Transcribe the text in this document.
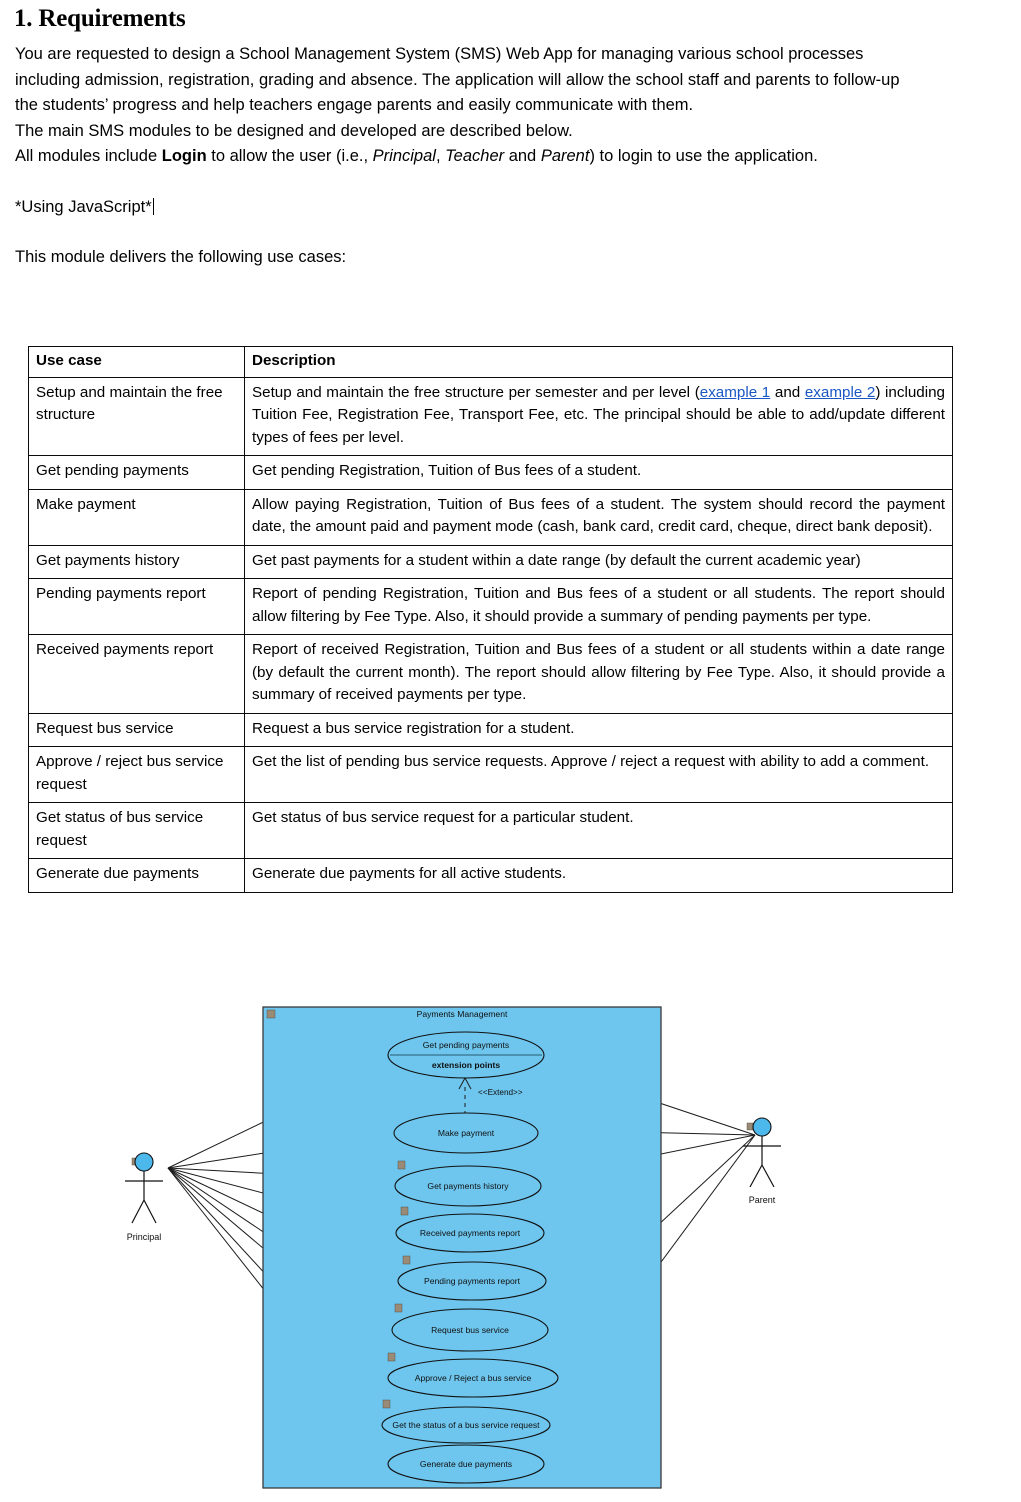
1. Requirements

You are requested to design a School Management System (SMS) Web App for managing various school processes including admission, registration, grading and absence. The application will allow the school staff and parents to follow-up the students’ progress and help teachers engage parents and easily communicate with them.

The main SMS modules to be designed and developed are described below.

All modules include Login to allow the user (i.e., Principal, Teacher and Parent) to login to use the application.

*Using JavaScript*

This module delivers the following use cases:

Use case	Description
Setup and maintain the free structure	Setup and maintain the free structure per semester and per level (example 1 and example 2) including Tuition Fee, Registration Fee, Transport Fee, etc. The principal should be able to add/update different types of fees per level.
Get pending payments	Get pending Registration, Tuition of Bus fees of a student.
Make payment	Allow paying Registration, Tuition of Bus fees of a student. The system should record the payment date, the amount paid and payment mode (cash, bank card, credit card, cheque, direct bank deposit).
Get payments history	Get past payments for a student within a date range (by default the current academic year)
Pending payments report	Report of pending Registration, Tuition and Bus fees of a student or all students. The report should allow filtering by Fee Type. Also, it should provide a summary of pending payments per type.
Received payments report	Report of received Registration, Tuition and Bus fees of a student or all students within a date range (by default the current month). The report should allow filtering by Fee Type. Also, it should provide a summary of received payments per type.
Request bus service	Request a bus service registration for a student.
Approve / reject bus service request	Get the list of pending bus service requests. Approve / reject a request with ability to add a comment.
Get status of bus service request	Get status of bus service request for a particular student.
Generate due payments	Generate due payments for all active students.
Payments Management
Get pending payments
extension points
<<Extend>>
Make payment
Get payments history
Received payments report
Pending payments report
Request bus service
Approve / Reject a bus service
Get the status of a bus service request
Generate due payments
Principal
Parent
